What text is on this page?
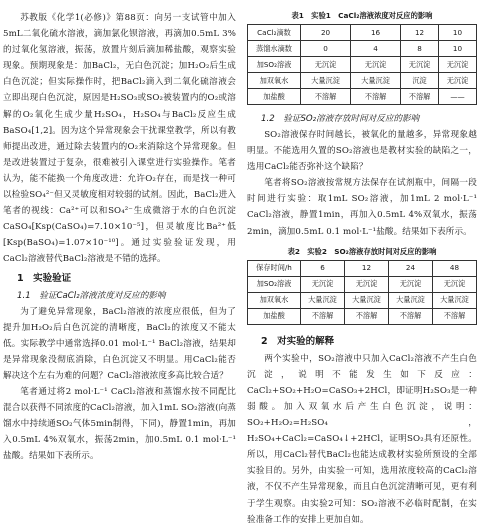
苏教版《化学1(必修)》第88页：向另一支试管中加入5mL二氧化硫水溶液，滴加氯化钡溶液，再滴加0.5mL 3%的过氧化氢溶液，振荡，放置片刻后滴加稀盐酸，观察实验现象。预期现象是：加BaCl₂，无白色沉淀；加H₂O₂后生成白色沉淀；但实际操作时，把BaCl₂滴入到二氧化硫溶液会立即出现白色沉淀，原因是H₂SO₃或SO₂被装置内的O₂或溶解的O₂氧化生成少量H₂SO₄，H₂SO₄与BaCl₂反应生成BaSO₄[1,2]。因为这个异常现象会干扰课堂教学，所以有教师提出改进，通过除去装置内的O₂来消除这个异常现象。但是改进装置过于复杂，很难被引入课堂进行实验操作。笔者认为，能不能换一个角度改进：允许O₂存在，而是找一种可以检验SO₄²⁻但又灵敏度相对较弱的试剂。因此，BaCl₂进入笔者的视线：Ca²⁺可以和SO₄²⁻生成微溶于水的白色沉淀CaSO₄[Ksp(CaSO₄)=7.10×10⁻⁵]，但灵敏度比Ba²⁺低[Ksp(BaSO₄)=1.07×10⁻¹⁰]。通过实验验证发现，用CaCl₂溶液替代BaCl₂溶液是不错的选择。

1　实验验证
1.1　验证CaCl₂溶液浓度对反应的影响

为了避免异常现象，BaCl₂溶液的浓度应很低，但为了提升加H₂O₂后白色沉淀的清晰度，BaCl₂的浓度又不能太低。实际教学中通常选择0.01 mol·L⁻¹ BaCl₂溶液，结果却是异常现象没彻底消除，白色沉淀又不明显。用CaCl₂能否解决这个左右为难的问题？CaCl₂溶液浓度多高比较合适？

笔者通过将2 mol·L⁻¹ CaCl₂溶液和蒸馏水按不同配比混合以获得不同浓度的CaCl₂溶液，加入1mL SO₂溶液(向蒸馏水中持续通SO₂气体5min制得，下同)，静置1min，再加入0.5mL 4%双氧水，振荡2min，加0.5mL 0.1 mol·L⁻¹盐酸。结果如下表所示。

表1　实验1　CaCl₂溶液浓度对反应的影响
CaCl₂滴数	20	16	12	10
蒸馏水滴数	0	4	8	10
加SO₂溶液	无沉淀	无沉淀	无沉淀	无沉淀
加双氧水	大量沉淀	大量沉淀	沉淀	无沉淀
加盐酸	不溶解	不溶解	不溶解	——
1.2　验证SO₂溶液存放时间对反应的影响

SO₂溶液保存时间越长，被氧化的量越多，异常现象越明显。不能选用久置的SO₂溶液也是教材实验的缺陷之一，选用CaCl₂能否弥补这个缺陷？

笔者将SO₂溶液按常规方法保存在试剂瓶中，间隔一段时间进行实验：取1mL SO₂溶液，加1mL 2 mol·L⁻¹ CaCl₂溶液，静置1min，再加入0.5mL 4%双氧水，振荡2min，滴加0.5mL 0.1 mol·L⁻¹盐酸。结果如下表所示。

表2　实验2　SO₂溶液存放时间对反应的影响
保存时间/h	6	12	24	48
加SO₂溶液	无沉淀	无沉淀	无沉淀	无沉淀
加双氧水	大量沉淀	大量沉淀	大量沉淀	大量沉淀
加盐酸	不溶解	不溶解	不溶解	不溶解
2　对实验的解释

两个实验中，SO₂溶液中只加入CaCl₂溶液不产生白色沉淀，说明不能发生如下反应：CaCl₂+SO₂+H₂O=CaSO₃+2HCl，即证明H₂SO₃是一种弱酸。加入双氧水后产生白色沉淀，说明：SO₂+H₂O₂=H₂SO₄，H₂SO₄+CaCl₂=CaSO₄↓+2HCl，证明SO₂具有还原性。所以，用CaCl₂替代BaCl₂也能达成教材实验所预设的全部实验目的。另外，由实验一可知，选用浓度较高的CaCl₂溶液，不仅不产生异常现象，而且白色沉淀清晰可见，更有利于学生观察。由实验2可知：SO₂溶液不必临时配制，在实验准备工作的安排上更加自如。
